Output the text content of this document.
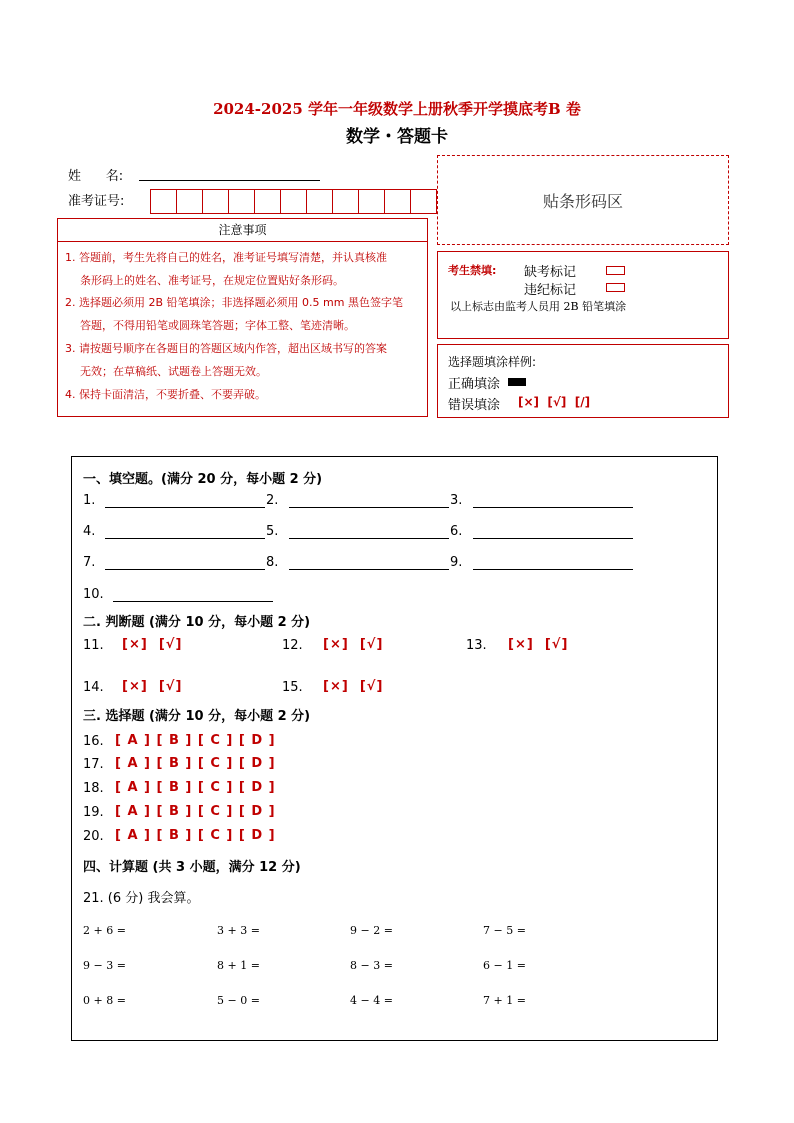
2024-2025 学年一年级数学上册秋季开学摸底考B 卷
数学・答题卡
姓      名:
准考证号:	贴条形码区
注意事项

1. 答题前，考生先将自己的姓名，准考证号填写清楚，并认真核准

条形码上的姓名、准考证号，在规定位置贴好条形码。

2. 选择题必须用 2B 铅笔填涂；非选择题必须用 0.5 mm 黑色签字笔

答题，不得用铅笔或圆珠笔答题；字体工整、笔迹清晰。

3. 请按题号顺序在各题目的答题区域内作答，超出区域书写的答案

无效；在草稿纸、试题卷上答题无效。

4. 保持卡面清洁，不要折叠、不要弄破。

考生禁填: 缺考标记
违纪标记
以上标志由监考人员用 2B 铅笔填涂
选择题填涂样例:
正确填涂
错误填涂 [×]  [√]  [/]
一、填空题。(满分 20 分，每小题 2 分)
1.	2.	3.
4.	5.	6.
7.	8.	9.
10.
二. 判断题 (满分 10 分，每小题 2 分)
11. [×]  [√]	12. [×]  [√]	13. [×]  [√]
14. [×]  [√]	15. [×]  [√]
三. 选择题 (满分 10 分，每小题 2 分)
16. [ A ] [ B ] [ C ] [ D ]
17. [ A ] [ B ] [ C ] [ D ]
18. [ A ] [ B ] [ C ] [ D ]
19. [ A ] [ B ] [ C ] [ D ]
20. [ A ] [ B ] [ C ] [ D ]
四、计算题 (共 3 小题，满分 12 分)
21. (6 分) 我会算。
2 + 6 =	3 + 3 =	9 − 2 =	7 − 5 =
9 − 3 =	8 + 1 =	8 − 3 =	6 − 1 =
0 + 8 =	5 − 0 =	4 − 4 =	7 + 1 =
